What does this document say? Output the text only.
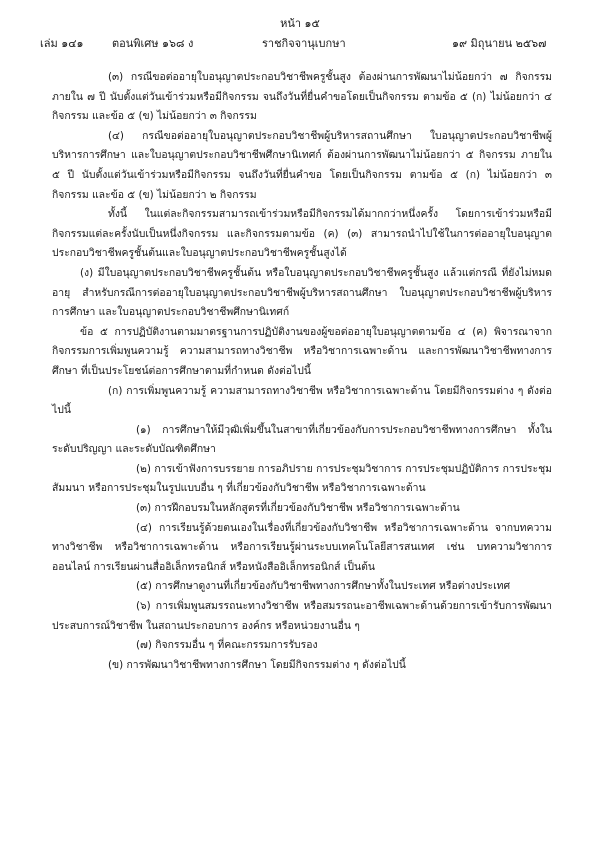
หน้า ๑๕
เล่ม ๑๔๑	ตอนพิเศษ ๑๖๘ ง	ราชกิจจานุเบกษา	๑๙ มิถุนายน ๒๕๖๗

(๓) กรณีขอต่ออายุใบอนุญาตประกอบวิชาชีพครูชั้นสูง ต้องผ่านการพัฒนาไม่น้อยกว่า ๗ กิจกรรม ภายใน ๗ ปี นับตั้งแต่วันเข้าร่วมหรือมีกิจกรรม จนถึงวันที่ยื่นคำขอโดยเป็นกิจกรรม ตามข้อ ๕ (ก) ไม่น้อยกว่า ๔ กิจกรรม และข้อ ๕ (ข) ไม่น้อยกว่า ๓ กิจกรรม

(๔) กรณีขอต่ออายุใบอนุญาตประกอบวิชาชีพผู้บริหารสถานศึกษา ใบอนุญาตประกอบวิชาชีพผู้บริหารการศึกษา และใบอนุญาตประกอบวิชาชีพศึกษานิเทศก์ ต้องผ่านการพัฒนาไม่น้อยกว่า ๕ กิจกรรม ภายใน ๕ ปี นับตั้งแต่วันเข้าร่วมหรือมีกิจกรรม จนถึงวันที่ยื่นคำขอ โดยเป็นกิจกรรม ตามข้อ ๕ (ก) ไม่น้อยกว่า ๓ กิจกรรม และข้อ ๕ (ข) ไม่น้อยกว่า ๒ กิจกรรม

ทั้งนี้ ในแต่ละกิจกรรมสามารถเข้าร่วมหรือมีกิจกรรมได้มากกว่าหนึ่งครั้ง โดยการเข้าร่วมหรือมีกิจกรรมแต่ละครั้งนับเป็นหนึ่งกิจกรรม และกิจกรรมตามข้อ (ค) (๓) สามารถนำไปใช้ในการต่ออายุใบอนุญาตประกอบวิชาชีพครูชั้นต้นและใบอนุญาตประกอบวิชาชีพครูชั้นสูงได้

(ง) มีใบอนุญาตประกอบวิชาชีพครูชั้นต้น หรือใบอนุญาตประกอบวิชาชีพครูชั้นสูง แล้วแต่กรณี ที่ยังไม่หมดอายุ สำหรับกรณีการต่ออายุใบอนุญาตประกอบวิชาชีพผู้บริหารสถานศึกษา ใบอนุญาตประกอบวิชาชีพผู้บริหารการศึกษา และใบอนุญาตประกอบวิชาชีพศึกษานิเทศก์

ข้อ ๕ การปฏิบัติงานตามมาตรฐานการปฏิบัติงานของผู้ขอต่ออายุใบอนุญาตตามข้อ ๔ (ค) พิจารณาจากกิจกรรมการเพิ่มพูนความรู้ ความสามารถทางวิชาชีพ หรือวิชาการเฉพาะด้าน และการพัฒนาวิชาชีพทางการศึกษา ที่เป็นประโยชน์ต่อการศึกษาตามที่กำหนด ดังต่อไปนี้

(ก) การเพิ่มพูนความรู้ ความสามารถทางวิชาชีพ หรือวิชาการเฉพาะด้าน โดยมีกิจกรรมต่าง ๆ ดังต่อไปนี้

(๑) การศึกษาให้มีวุฒิเพิ่มขึ้นในสาขาที่เกี่ยวข้องกับการประกอบวิชาชีพทางการศึกษา ทั้งในระดับปริญญา และระดับบัณฑิตศึกษา

(๒) การเข้าฟังการบรรยาย การอภิปราย การประชุมวิชาการ การประชุมปฏิบัติการ การประชุมสัมมนา หรือการประชุมในรูปแบบอื่น ๆ ที่เกี่ยวข้องกับวิชาชีพ หรือวิชาการเฉพาะด้าน

(๓) การฝึกอบรมในหลักสูตรที่เกี่ยวข้องกับวิชาชีพ หรือวิชาการเฉพาะด้าน

(๔) การเรียนรู้ด้วยตนเองในเรื่องที่เกี่ยวข้องกับวิชาชีพ หรือวิชาการเฉพาะด้าน จากบทความทางวิชาชีพ หรือวิชาการเฉพาะด้าน หรือการเรียนรู้ผ่านระบบเทคโนโลยีสารสนเทศ เช่น บทความวิชาการออนไลน์ การเรียนผ่านสื่ออิเล็กทรอนิกส์ หรือหนังสืออิเล็กทรอนิกส์ เป็นต้น

(๕) การศึกษาดูงานที่เกี่ยวข้องกับวิชาชีพทางการศึกษาทั้งในประเทศ หรือต่างประเทศ

(๖) การเพิ่มพูนสมรรถนะทางวิชาชีพ หรือสมรรถนะอาชีพเฉพาะด้านด้วยการเข้ารับการพัฒนาประสบการณ์วิชาชีพ ในสถานประกอบการ องค์กร หรือหน่วยงานอื่น ๆ

(๗) กิจกรรมอื่น ๆ ที่คณะกรรมการรับรอง

(ข) การพัฒนาวิชาชีพทางการศึกษา โดยมีกิจกรรมต่าง ๆ ดังต่อไปนี้
